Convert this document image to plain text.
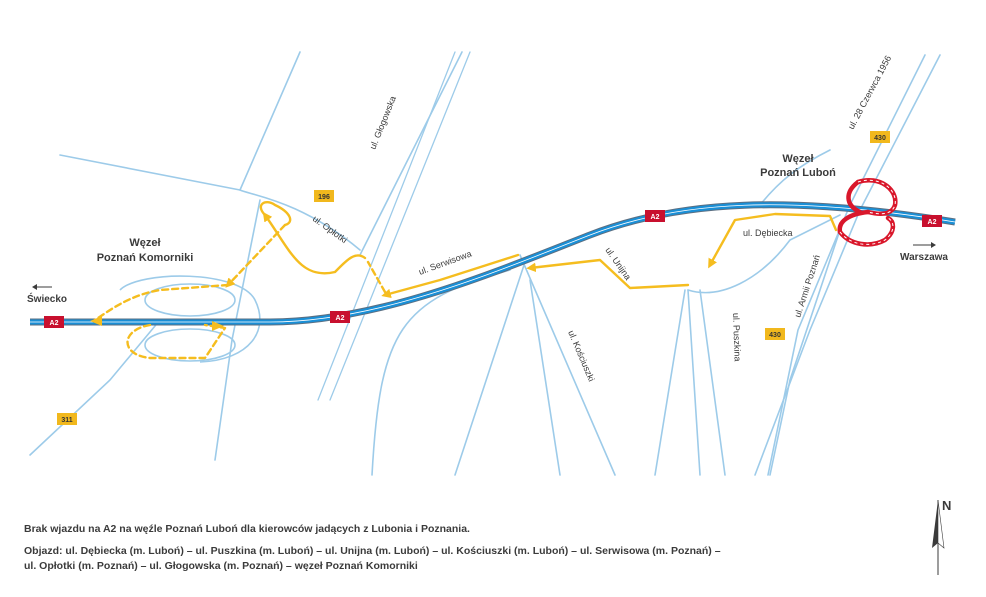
A2
A2
A2
A2
196
430
430
311
Węzeł
Poznań Luboń
Węzeł
Poznań Komorniki
Świecko
Warszawa
ul. Głogowska
ul. Opłotki
ul. Serwisowa	ul. Unijna
ul. Dębiecka
ul. Kościuszki	ul. Puszkina
ul. 28 Czerwca 1956
ul. Armii Poznań
N
Brak wjazdu na A2 na węźle Poznań Luboń dla kierowców jadących z Lubonia i Poznania.
Objazd: ul. Dębiecka (m. Luboń) – ul. Puszkina (m. Luboń) – ul. Unijna (m. Luboń) – ul. Kościuszki (m. Luboń) – ul. Serwisowa (m. Poznań) – ul. Opłotki (m. Poznań) – ul. Głogowska (m. Poznań) – węzeł Poznań Komorniki
